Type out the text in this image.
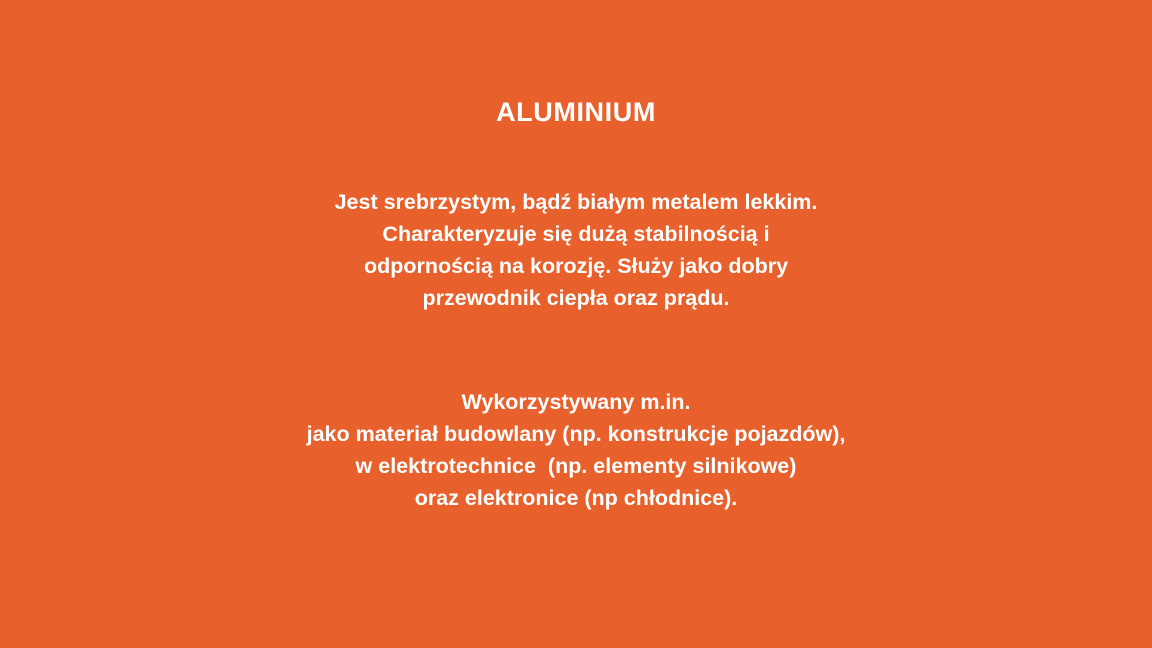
ALUMINIUM
Jest srebrzystym, bądź białym metalem lekkim.
Charakteryzuje się dużą stabilnością i
odpornością na korozję. Służy jako dobry
przewodnik ciepła oraz prądu.
Wykorzystywany m.in.
jako materiał budowlany (np. konstrukcje pojazdów),
w elektrotechnice  (np. elementy silnikowe)
oraz elektronice (np chłodnice).
